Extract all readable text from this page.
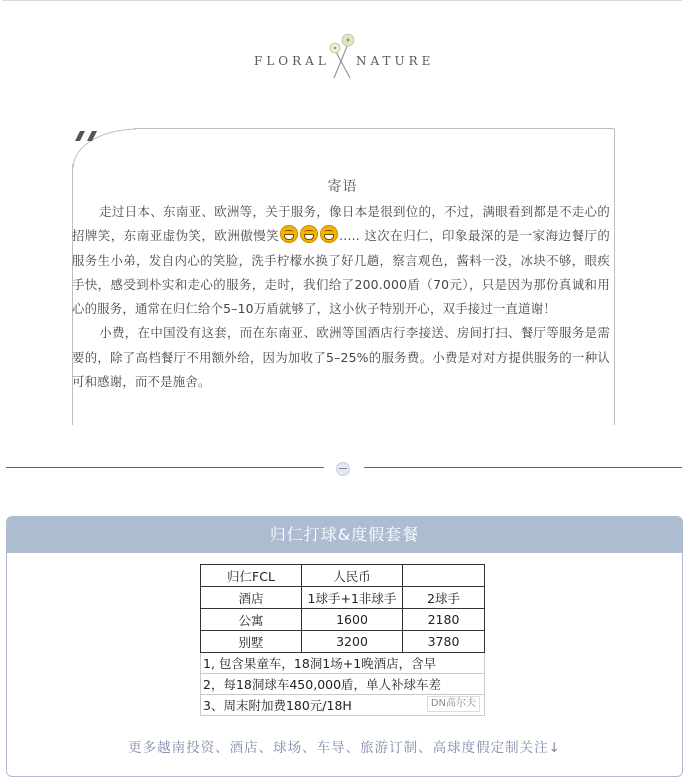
FLORAL NATURE
寄语

走过日本、东南亚、欧洲等，关于服务，像日本是很到位的，不过，满眼看到都是不走心的招牌笑，东南亚虚伪笑，欧洲傲慢笑	..... 这次在归仁，印象最深的是一家海边餐厅的服务生小弟，发自内心的笑脸，洗手柠檬水换了好几趟，察言观色，酱料一没，冰块不够，眼疾手快，感受到朴实和走心的服务，走时，我们给了200.000盾（70元），只是因为那份真诚和用心的服务，通常在归仁给个5–10万盾就够了，这小伙子特别开心，双手接过一直道谢！

小费，在中国没有这套，而在东南亚、欧洲等国酒店行李接送、房间打扫、餐厅等服务是需要的，除了高档餐厅不用额外给，因为加收了5–25%的服务费。小费是对对方提供服务的一种认可和感谢，而不是施舍。

归仁打球&度假套餐
归仁FCL	人民币	
酒店	1球手+1非球手	2球手
公寓	1600	2180
别墅	3200	3780
1, 包含果童车，18洞1场+1晚酒店，含早		
2，每18洞球车450,000盾，单人补球车差		
3、周末附加费180元/18H DN高尔夫		
更多越南投资、酒店、球场、车导、旅游订制、高球度假定制关注↓
